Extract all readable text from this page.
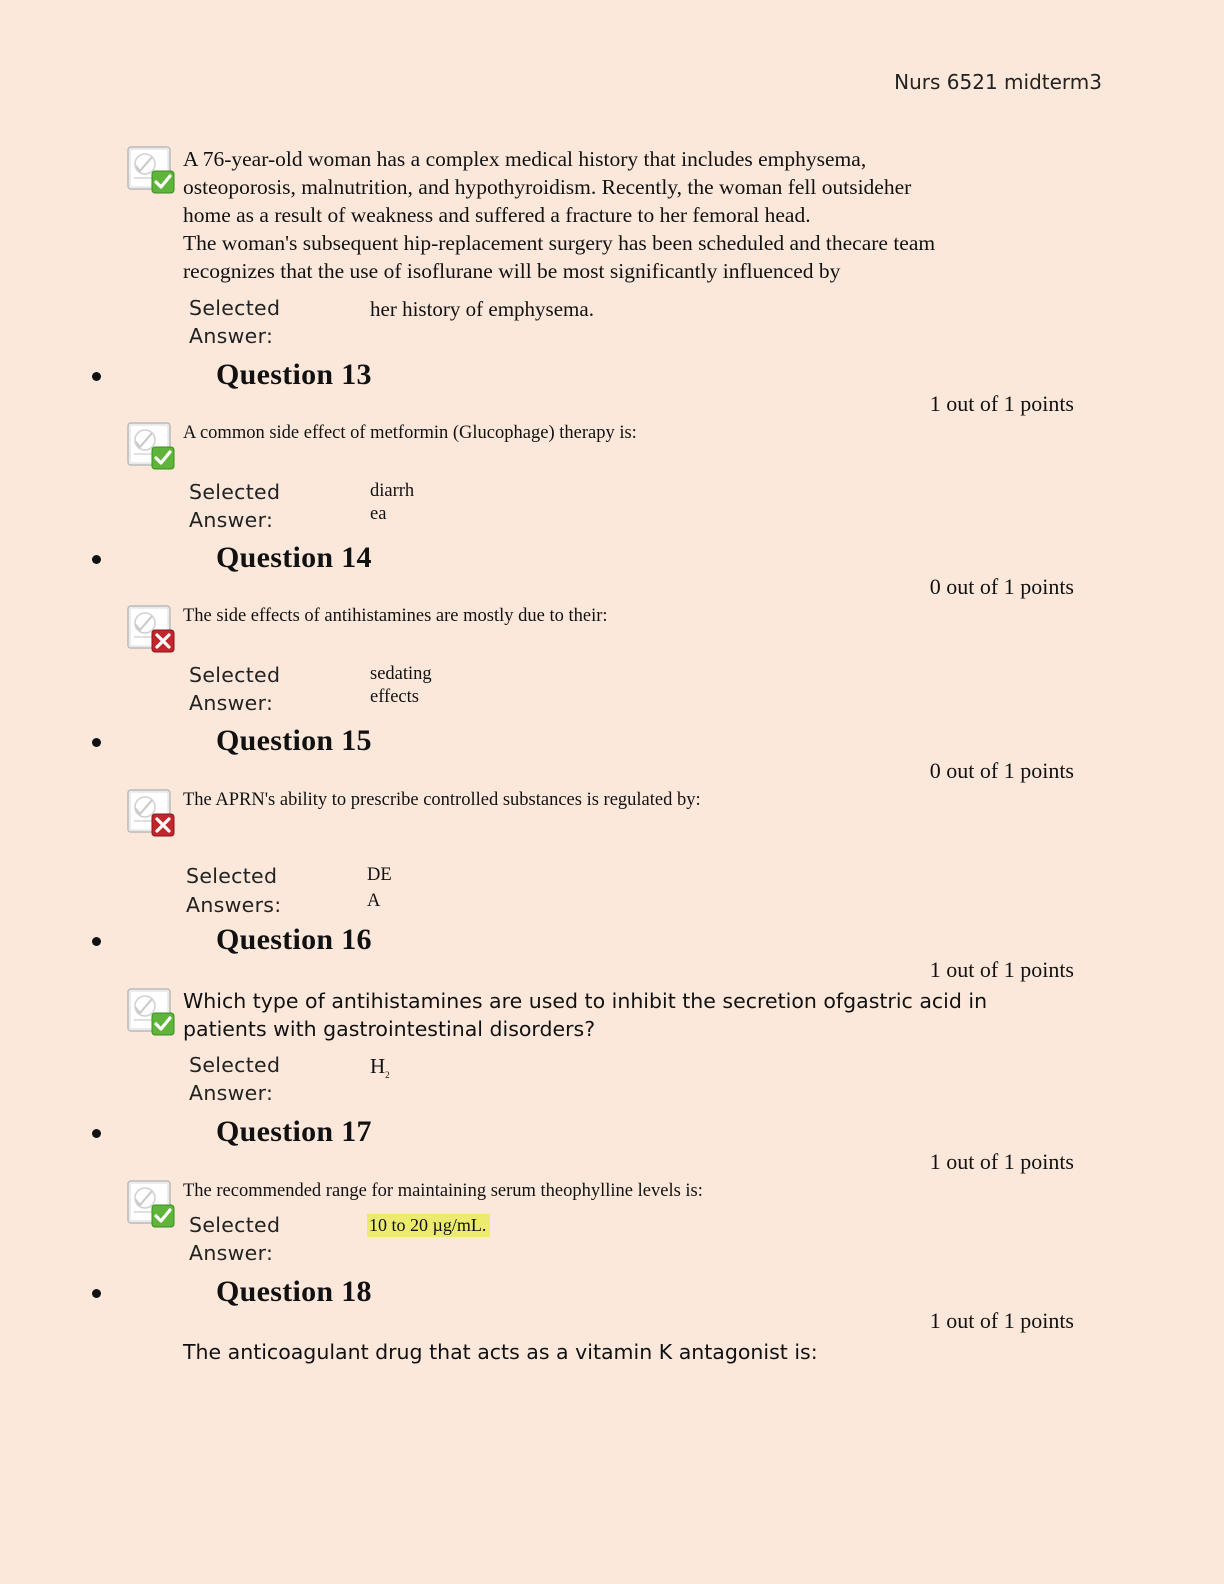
Nurs 6521 midterm3
A 76-year-old woman has a complex medical history that includes emphysema,
osteoporosis, malnutrition, and hypothyroidism. Recently, the woman fell outsideher
home as a result of weakness and suffered a fracture to her femoral head.
The woman's subsequent hip-replacement surgery has been scheduled and thecare team
recognizes that the use of isoflurane will be most significantly influenced by
Selected
Answer:
her history of emphysema.
Question 13
1 out of 1 points
A common side effect of metformin (Glucophage) therapy is:
Selected
Answer:
diarrh
ea
Question 14
0 out of 1 points
The side effects of antihistamines are mostly due to their:
Selected
Answer:
sedating
effects
Question 15
0 out of 1 points
The APRN's ability to prescribe controlled substances is regulated by:
Selected
Answers:
DE
A
Question 16
1 out of 1 points
Which type of antihistamines are used to inhibit the secretion ofgastric acid in
patients with gastrointestinal disorders?
Selected
Answer:
$H_2$
Question 17
1 out of 1 points
The recommended range for maintaining serum theophylline levels is:
Selected
Answer:
10 to 20 µg/mL.
Question 18
1 out of 1 points
The anticoagulant drug that acts as a vitamin K antagonist is:
